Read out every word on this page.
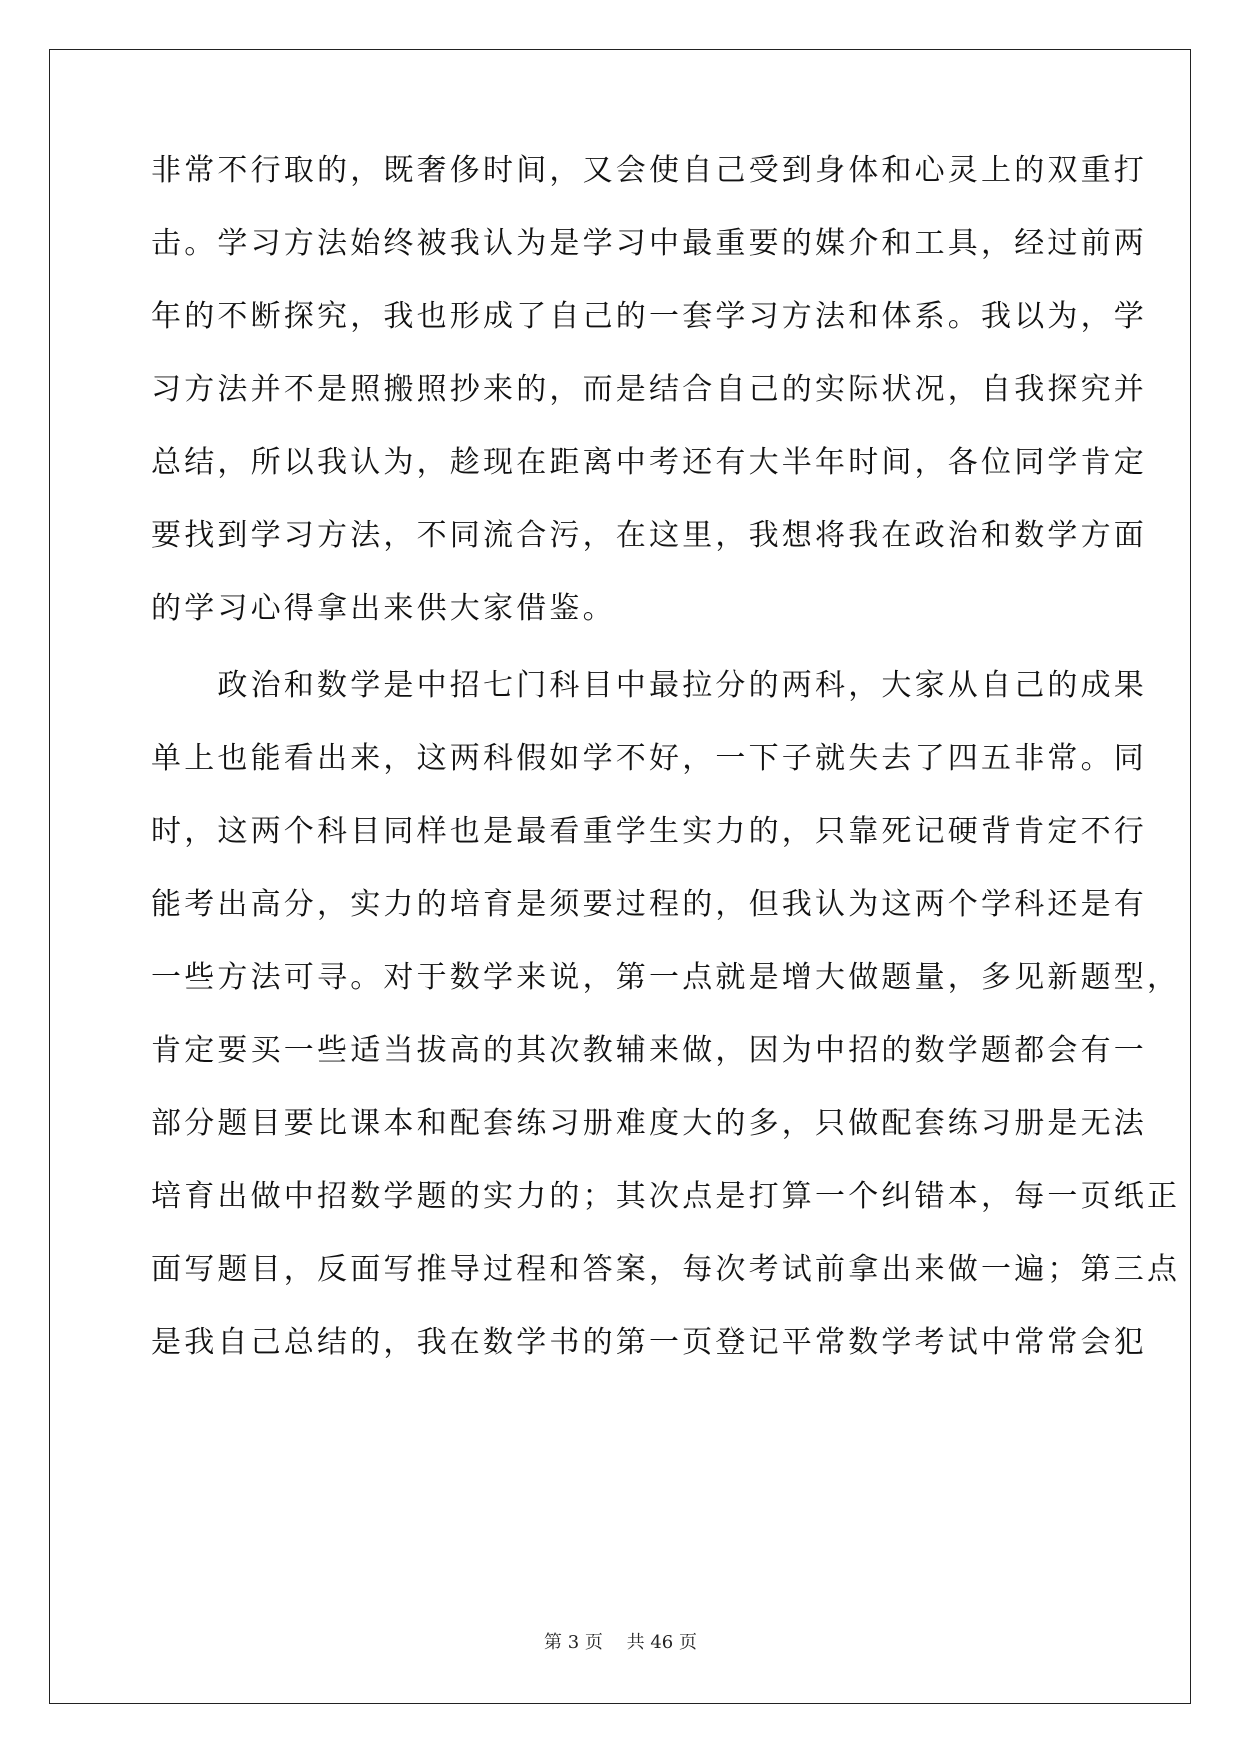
非常不行取的，既奢侈时间，又会使自己受到身体和心灵上的双重打
击。学习方法始终被我认为是学习中最重要的媒介和工具，经过前两
年的不断探究，我也形成了自己的一套学习方法和体系。我以为，学
习方法并不是照搬照抄来的，而是结合自己的实际状况，自我探究并
总结，所以我认为，趁现在距离中考还有大半年时间，各位同学肯定
要找到学习方法，不同流合污，在这里，我想将我在政治和数学方面
的学习心得拿出来供大家借鉴。
　　政治和数学是中招七门科目中最拉分的两科，大家从自己的成果
单上也能看出来，这两科假如学不好，一下子就失去了四五非常。同
时，这两个科目同样也是最看重学生实力的，只靠死记硬背肯定不行
能考出高分，实力的培育是须要过程的，但我认为这两个学科还是有
一些方法可寻。对于数学来说，第一点就是增大做题量，多见新题型，
肯定要买一些适当拔高的其次教辅来做，因为中招的数学题都会有一
部分题目要比课本和配套练习册难度大的多，只做配套练习册是无法
培育出做中招数学题的实力的；其次点是打算一个纠错本，每一页纸正
面写题目，反面写推导过程和答案，每次考试前拿出来做一遍；第三点
是我自己总结的，我在数学书的第一页登记平常数学考试中常常会犯
第 3 页　 共 46 页
